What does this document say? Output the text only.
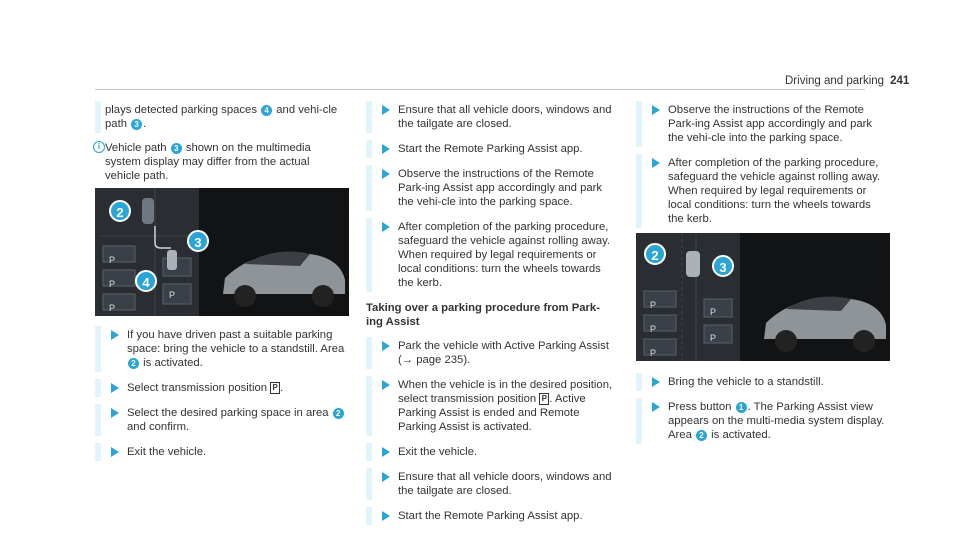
Driving and parking 241
plays detected parking spaces 4 and vehi-cle path 3 .
i Vehicle path 3 shown on the multimedia system display may differ from the actual vehicle path.
P
P
P
P
2
3
4
If you have driven past a suitable parking space: bring the vehicle to a standstill. Area 2 is activated.
Select transmission position P .
Select the desired parking space in area 2 and confirm.
Exit the vehicle.
Ensure that all vehicle doors, windows and the tailgate are closed.
Start the Remote Parking Assist app.
Observe the instructions of the Remote Park-ing Assist app accordingly and park the vehi-cle into the parking space.
After completion of the parking procedure, safeguard the vehicle against rolling away. When required by legal requirements or local conditions: turn the wheels towards the kerb.
Taking over a parking procedure from Park-ing Assist
Park the vehicle with Active Parking Assist (→ page 235).
When the vehicle is in the desired position, select transmission position P . Active Parking Assist is ended and Remote Parking Assist is activated.
Exit the vehicle.
Ensure that all vehicle doors, windows and the tailgate are closed.
Start the Remote Parking Assist app.
Observe the instructions of the Remote Park-ing Assist app accordingly and park the vehi-cle into the parking space.
After completion of the parking procedure, safeguard the vehicle against rolling away. When required by legal requirements or local conditions: turn the wheels towards the kerb.
P
P
P
P
P
2
3
Bring the vehicle to a standstill.
Press button 1 . The Parking Assist view appears on the multi-media system display. Area 2 is activated.
